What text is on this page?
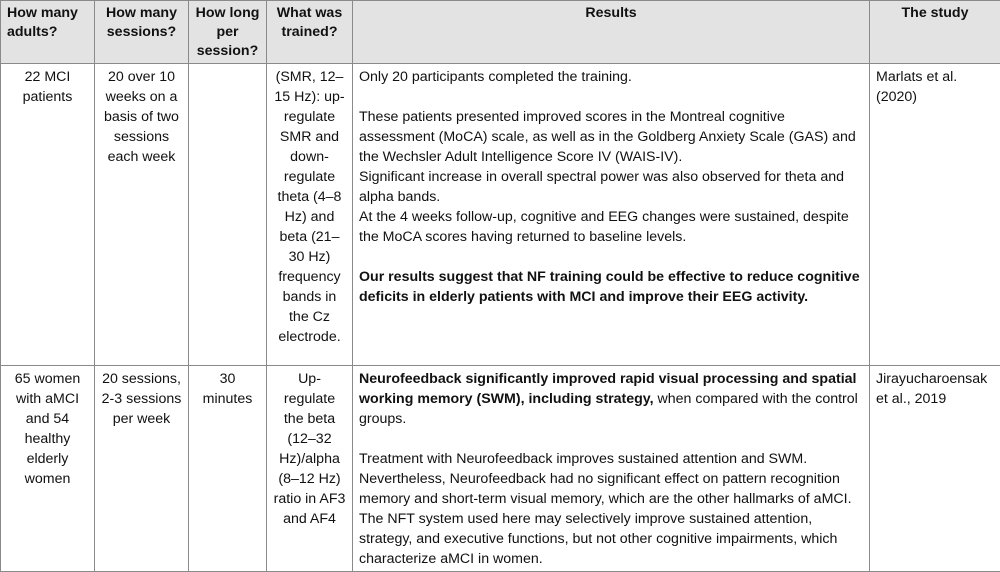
How many adults?	How many sessions?	How long per session?	What was trained?	Results	The study
22 MCI patients	20 over 10 weeks on a basis of two sessions each week		(SMR, 12–15 Hz): up-regulate SMR and down-regulate theta (4–8 Hz) and beta (21–30 Hz) frequency bands in the Cz electrode.	Only 20 participants completed the training.
These patients presented improved scores in the Montreal cognitive assessment (MoCA) scale, as well as in the Goldberg Anxiety Scale (GAS) and the Wechsler Adult Intelligence Score IV (WAIS-IV).
Significant increase in overall spectral power was also observed for theta and alpha bands.
At the 4 weeks follow-up, cognitive and EEG changes were sustained, despite the MoCA scores having returned to baseline levels.
Our results suggest that NF training could be effective to reduce cognitive deficits in elderly patients with MCI and improve their EEG activity.	Marlats et al. (2020)
65 women with aMCI and 54 healthy elderly women	20 sessions, 2-3 sessions per week	30 minutes	Up-regulate the beta (12–32 Hz)/alpha (8–12 Hz) ratio in AF3 and AF4	Neurofeedback significantly improved rapid visual processing and spatial working memory (SWM), including strategy, when compared with the control groups.
Treatment with Neurofeedback improves sustained attention and SWM. Nevertheless, Neurofeedback had no significant effect on pattern recognition memory and short-term visual memory, which are the other hallmarks of aMCI. The NFT system used here may selectively improve sustained attention, strategy, and executive functions, but not other cognitive impairments, which characterize aMCI in women.	Jirayucharoensak et al., 2019
